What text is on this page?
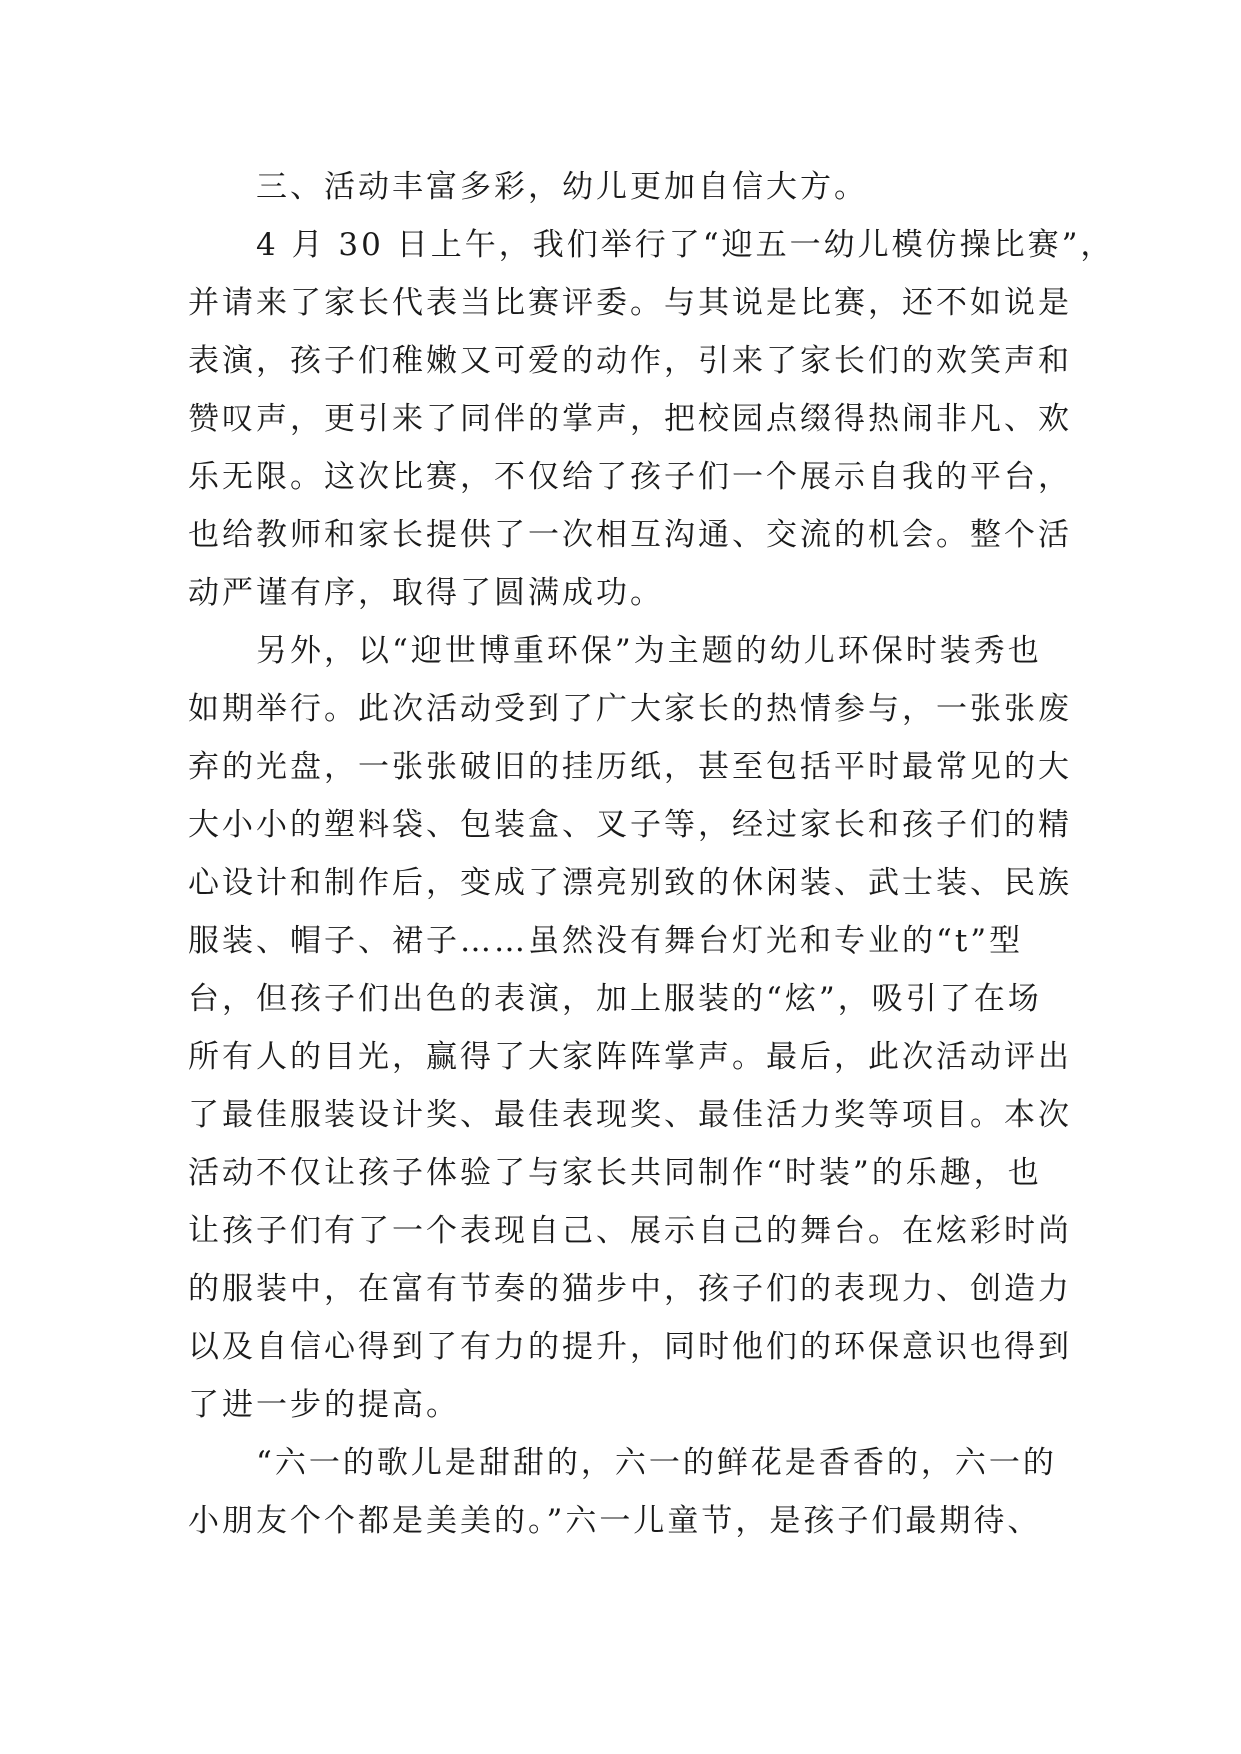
三、活动丰富多彩，幼儿更加自信大方。
4 月 30 日上午，我们举行了“迎五一幼儿模仿操比赛”，
并请来了家长代表当比赛评委。与其说是比赛，还不如说是
表演，孩子们稚嫩又可爱的动作，引来了家长们的欢笑声和
赞叹声，更引来了同伴的掌声，把校园点缀得热闹非凡、欢
乐无限。这次比赛，不仅给了孩子们一个展示自我的平台，
也给教师和家长提供了一次相互沟通、交流的机会。整个活
动严谨有序，取得了圆满成功。
另外，以“迎世博重环保”为主题的幼儿环保时装秀也
如期举行。此次活动受到了广大家长的热情参与，一张张废
弃的光盘，一张张破旧的挂历纸，甚至包括平时最常见的大
大小小的塑料袋、包装盒、叉子等，经过家长和孩子们的精
心设计和制作后，变成了漂亮别致的休闲装、武士装、民族
服装、帽子、裙子……虽然没有舞台灯光和专业的“t”型
台，但孩子们出色的表演，加上服装的“炫”，吸引了在场
所有人的目光，赢得了大家阵阵掌声。最后，此次活动评出
了最佳服装设计奖、最佳表现奖、最佳活力奖等项目。本次
活动不仅让孩子体验了与家长共同制作“时装”的乐趣，也
让孩子们有了一个表现自己、展示自己的舞台。在炫彩时尚
的服装中，在富有节奏的猫步中，孩子们的表现力、创造力
以及自信心得到了有力的提升，同时他们的环保意识也得到
了进一步的提高。
“六一的歌儿是甜甜的，六一的鲜花是香香的，六一的
小朋友个个都是美美的。”六一儿童节，是孩子们最期待、
